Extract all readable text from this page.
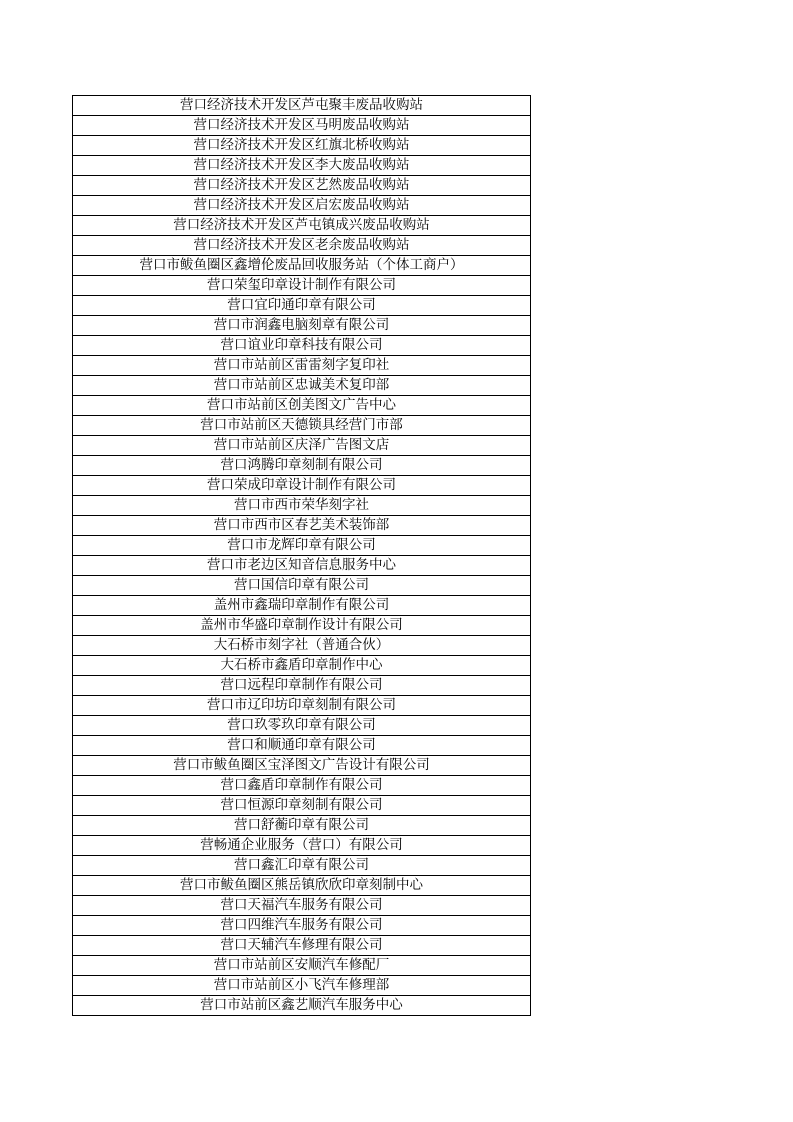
营口经济技术开发区芦屯聚丰废品收购站
营口经济技术开发区马明废品收购站
营口经济技术开发区红旗北桥收购站
营口经济技术开发区李大废品收购站
营口经济技术开发区艺然废品收购站
营口经济技术开发区启宏废品收购站
营口经济技术开发区芦屯镇成兴废品收购站
营口经济技术开发区老余废品收购站
营口市鲅鱼圈区鑫增伦废品回收服务站（个体工商户）
营口荣玺印章设计制作有限公司
营口宜印通印章有限公司
营口市润鑫电脑刻章有限公司
营口谊业印章科技有限公司
营口市站前区雷雷刻字复印社
营口市站前区忠诚美术复印部
营口市站前区创美图文广告中心
营口市站前区天德锁具经营门市部
营口市站前区庆泽广告图文店
营口鸿腾印章刻制有限公司
营口荣成印章设计制作有限公司
营口市西市荣华刻字社
营口市西市区春艺美术装饰部
营口市龙辉印章有限公司
营口市老边区知音信息服务中心
营口国信印章有限公司
盖州市鑫瑞印章制作有限公司
盖州市华盛印章制作设计有限公司
大石桥市刻字社（普通合伙）
大石桥市鑫盾印章制作中心
营口远程印章制作有限公司
营口市辽印坊印章刻制有限公司
营口玖零玖印章有限公司
营口和顺通印章有限公司
营口市鲅鱼圈区宝泽图文广告设计有限公司
营口鑫盾印章制作有限公司
营口恒源印章刻制有限公司
营口舒蘅印章有限公司
营畅通企业服务（营口）有限公司
营口鑫汇印章有限公司
营口市鲅鱼圈区熊岳镇欣欣印章刻制中心
营口天福汽车服务有限公司
营口四维汽车服务有限公司
营口天辅汽车修理有限公司
营口市站前区安顺汽车修配厂
营口市站前区小飞汽车修理部
营口市站前区鑫艺顺汽车服务中心
